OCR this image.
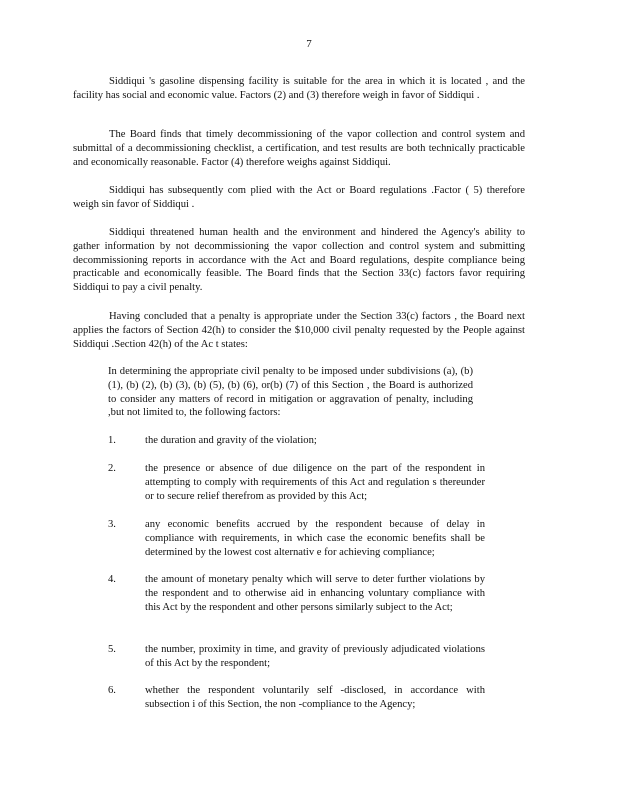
7

Siddiqui 's gasoline dispensing facility is suitable for the area in which it is located , and the facility has social and economic value. Factors (2) and (3) therefore weigh in favor of Siddiqui .

The Board finds that timely decommissioning of the vapor collection and control system and submittal of a decommissioning checklist, a certification, and test results are both technically practicable and economically reasonable. Factor (4) therefore weighs against Siddiqui.

Siddiqui has subsequently com plied with the Act or Board regulations .Factor ( 5) therefore weigh sin favor of Siddiqui .

Siddiqui threatened human health and the environment and hindered the Agency's ability to gather information by not decommissioning the vapor collection and control system and submitting decommissioning reports in accordance with the Act and Board regulations, despite compliance being practicable and economically feasible. The Board finds that the Section 33(c) factors favor requiring Siddiqui to pay a civil penalty.

Having concluded that a penalty is appropriate under the Section 33(c) factors , the Board next applies the factors of Section 42(h) to consider the $10,000 civil penalty requested by the People against Siddiqui .Section 42(h) of the Ac t states:

In determining the appropriate civil penalty to be imposed under subdivisions (a), (b) (1), (b) (2), (b) (3), (b) (5), (b) (6), or(b) (7) of this Section , the Board is authorized to consider any matters of record in mitigation or aggravation of penalty, including ,but not limited to, the following factors:

1.	the duration and gravity of the violation;

2.	the presence or absence of due diligence on the part of the respondent in attempting to comply with requirements of this Act and regulation s thereunder or to secure relief therefrom as provided by this Act;

3.	any economic benefits accrued by the respondent because of delay in compliance with requirements, in which case the economic benefits shall be determined by the lowest cost alternativ e for achieving compliance;

4.	the amount of monetary penalty which will serve to deter further violations by the respondent and to otherwise aid in enhancing voluntary compliance with this Act by the respondent and other persons similarly subject to the Act;

5.	the number, proximity in time, and gravity of previously adjudicated violations of this Act by the respondent;

6.	whether the respondent voluntarily self -disclosed, in accordance with subsection i of this Section, the non -compliance to the Agency;
